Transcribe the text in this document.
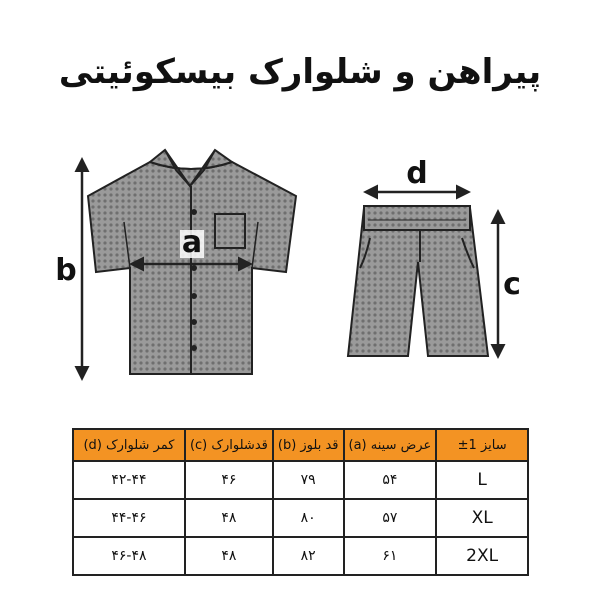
پیراهن و شلوارک بیسکوئیتی
a
b	c
d
سایز 1±	عرض سینه (a)	قد بلوز (b)	قدشلوارک (c)	کمر شلوارک (d)
L	۵۴	۷۹	۴۶	۴۲-۴۴
XL	۵۷	۸۰	۴۸	۴۴-۴۶
2XL	۶۱	۸۲	۴۸	۴۶-۴۸
